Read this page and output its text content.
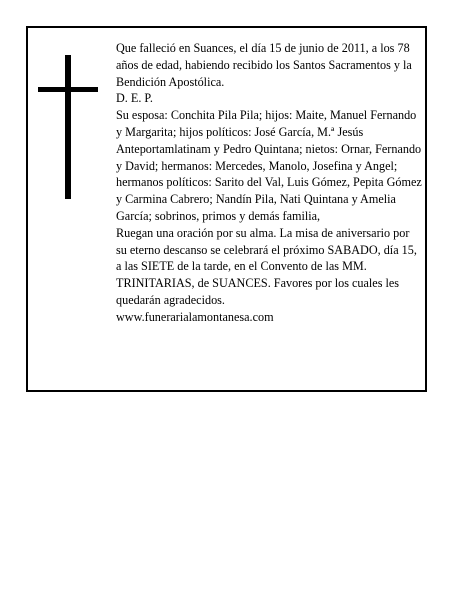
Que falleció en Suances, el día 15 de junio de 2011, a los 78 años de edad, habiendo recibido los Santos Sacramentos y la Bendición Apostólica.

D. E. P.

Su esposa: Conchita Pila Pila; hijos: Maite, Manuel Fernando y Margarita; hijos políticos: José García, M.ª Jesús Anteportamlatinam y Pedro Quintana; nietos: Ornar, Fernando y David; hermanos: Mercedes, Manolo, Josefina y Angel; hermanos políticos: Sarito del Val, Luis Gómez, Pepita Gómez y Carmina Cabrero; Nandín Pila, Nati Quintana y Amelia García; sobrinos, primos y demás familia,

Ruegan una oración por su alma. La misa de aniversario por su eterno descanso se celebrará el próximo SABADO, día 15, a las SIETE de la tarde, en el Convento de las MM. TRINITARIAS, de SUANCES. Favores por los cuales les quedarán agradecidos.

www.funerarialamontanesa.com
